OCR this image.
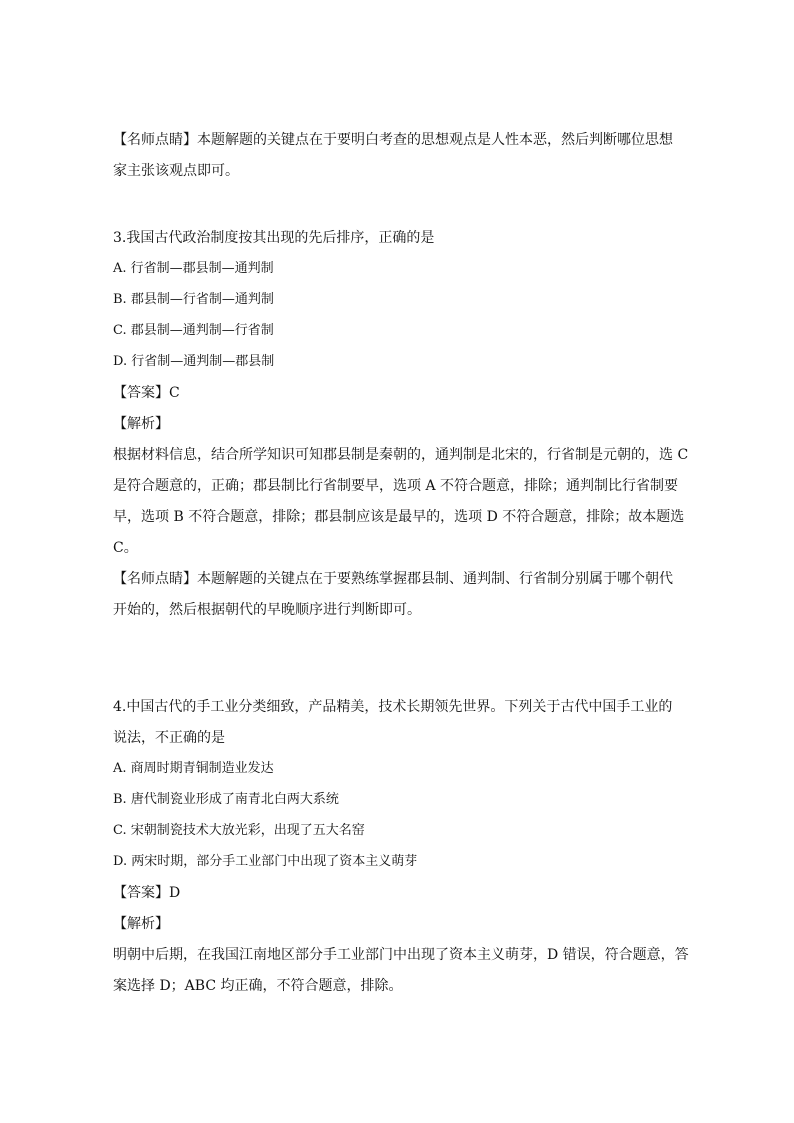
【名师点睛】本题解题的关键点在于要明白考查的思想观点是人性本恶，然后判断哪位思想
家主张该观点即可。
3.我国古代政治制度按其出现的先后排序，正确的是
A. 行省制—郡县制—通判制
B. 郡县制—行省制—通判制
C. 郡县制—通判制—行省制
D. 行省制—通判制—郡县制
【答案】C
【解析】
根据材料信息，结合所学知识可知郡县制是秦朝的，通判制是北宋的，行省制是元朝的，选 C
是符合题意的，正确；郡县制比行省制要早，选项 A 不符合题意，排除；通判制比行省制要
早，选项 B 不符合题意，排除；郡县制应该是最早的，选项 D 不符合题意，排除；故本题选
C。
【名师点睛】本题解题的关键点在于要熟练掌握郡县制、通判制、行省制分别属于哪个朝代
开始的，然后根据朝代的早晚顺序进行判断即可。
4.中国古代的手工业分类细致，产品精美，技术长期领先世界。下列关于古代中国手工业的
说法，不正确的是
A. 商周时期青铜制造业发达
B. 唐代制瓷业形成了南青北白两大系统
C. 宋朝制瓷技术大放光彩，出现了五大名窑
D. 两宋时期，部分手工业部门中出现了资本主义萌芽
【答案】D
【解析】
明朝中后期，在我国江南地区部分手工业部门中出现了资本主义萌芽，D 错误，符合题意，答
案选择 D；ABC 均正确，不符合题意，排除。
